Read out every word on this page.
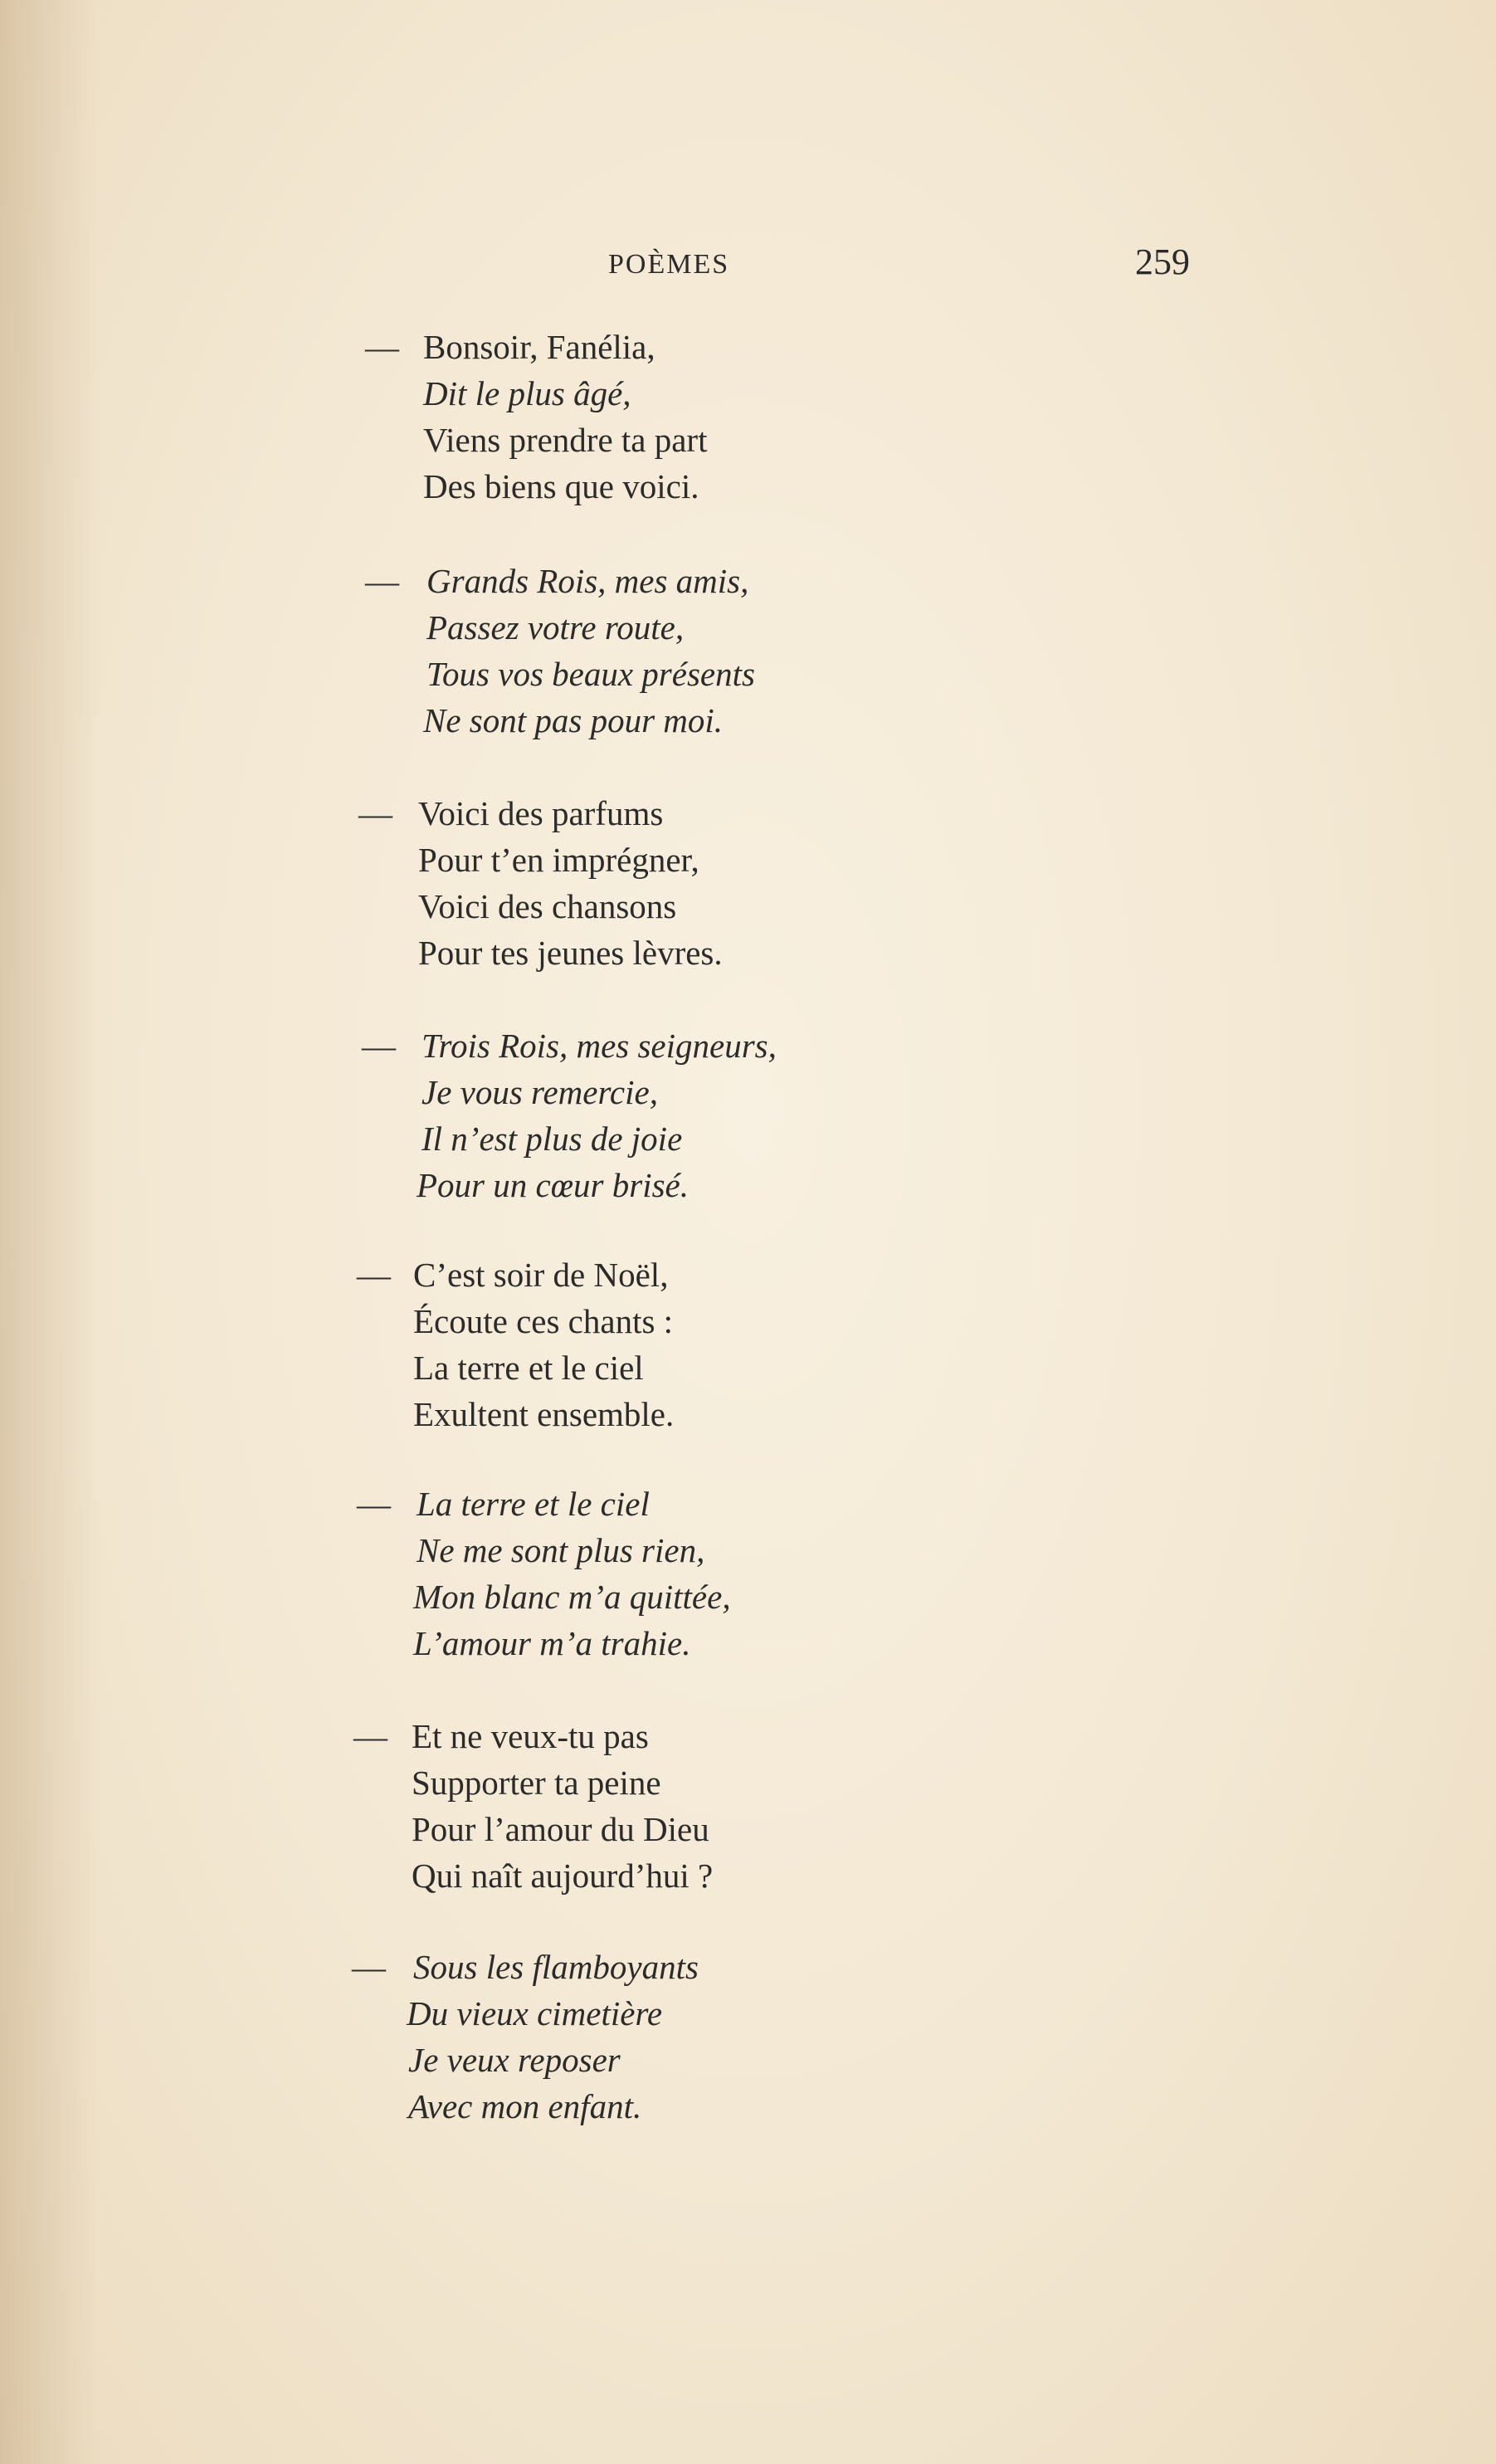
POÈMES	259
— Bonsoir, Fanélia,
Dit le plus âgé,
Viens prendre ta part
Des biens que voici.
— Grands Rois, mes amis,
Passez votre route,
Tous vos beaux présents
Ne sont pas pour moi.
— Voici des parfums
Pour t’en imprégner,
Voici des chansons
Pour tes jeunes lèvres.
— Trois Rois, mes seigneurs,
Je vous remercie,
Il n’est plus de joie
Pour un cœur brisé.
— C’est soir de Noël,
Écoute ces chants :
La terre et le ciel
Exultent ensemble.
— La terre et le ciel
Ne me sont plus rien,
Mon blanc m’a quittée,
L’amour m’a trahie.
— Et ne veux-tu pas
Supporter ta peine
Pour l’amour du Dieu
Qui naît aujourd’hui ?
— Sous les flamboyants
Du vieux cimetière
Je veux reposer
Avec mon enfant.
